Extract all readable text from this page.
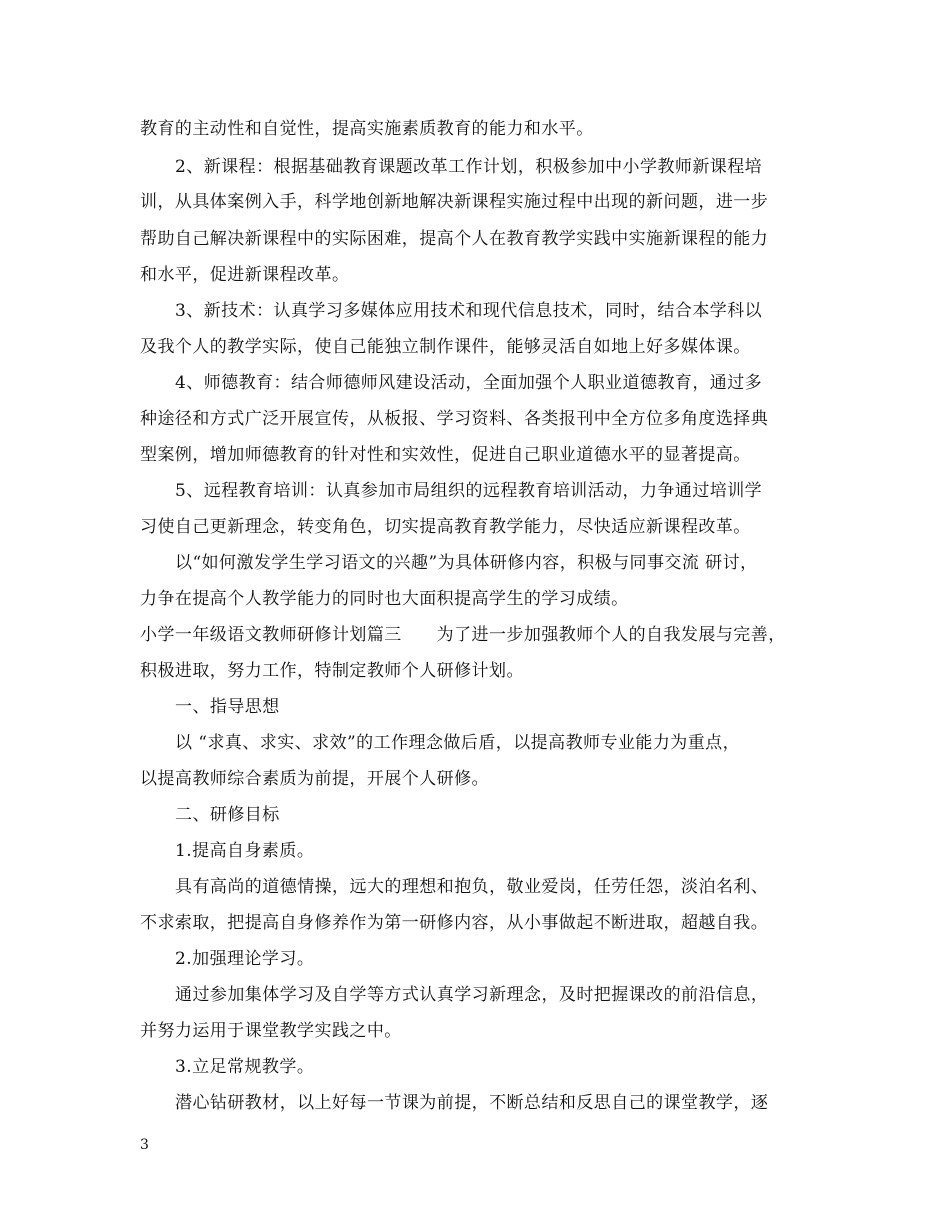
教育的主动性和自觉性，提高实施素质教育的能力和水平。
2、新课程：根据基础教育课题改革工作计划，积极参加中小学教师新课程培
训，从具体案例入手，科学地创新地解决新课程实施过程中出现的新问题，进一步
帮助自己解决新课程中的实际困难，提高个人在教育教学实践中实施新课程的能力
和水平，促进新课程改革。
3、新技术：认真学习多媒体应用技术和现代信息技术，同时，结合本学科以
及我个人的教学实际，使自己能独立制作课件，能够灵活自如地上好多媒体课。
4、师德教育：结合师德师风建设活动，全面加强个人职业道德教育，通过多
种途径和方式广泛开展宣传，从板报、学习资料、各类报刊中全方位多角度选择典
型案例，增加师德教育的针对性和实效性，促进自己职业道德水平的显著提高。
5、远程教育培训：认真参加市局组织的远程教育培训活动，力争通过培训学
习使自己更新理念，转变角色，切实提高教育教学能力，尽快适应新课程改革。
以“如何激发学生学习语文的兴趣”为具体研修内容，积极与同事交流 研讨，
力争在提高个人教学能力的同时也大面积提高学生的学习成绩。
小学一年级语文教师研修计划篇三　　为了进一步加强教师个人的自我发展与完善，
积极进取，努力工作，特制定教师个人研修计划。
一、指导思想
以 “求真、求实、求效”的工作理念做后盾，以提高教师专业能力为重点，
以提高教师综合素质为前提，开展个人研修。
二、研修目标
1.提高自身素质。
具有高尚的道德情操，远大的理想和抱负，敬业爱岗，任劳任怨，淡泊名利、
不求索取，把提高自身修养作为第一研修内容，从小事做起不断进取，超越自我。
2.加强理论学习。
通过参加集体学习及自学等方式认真学习新理念，及时把握课改的前沿信息，
并努力运用于课堂教学实践之中。
3.立足常规教学。
潜心钻研教材，以上好每一节课为前提，不断总结和反思自己的课堂教学，逐
3
